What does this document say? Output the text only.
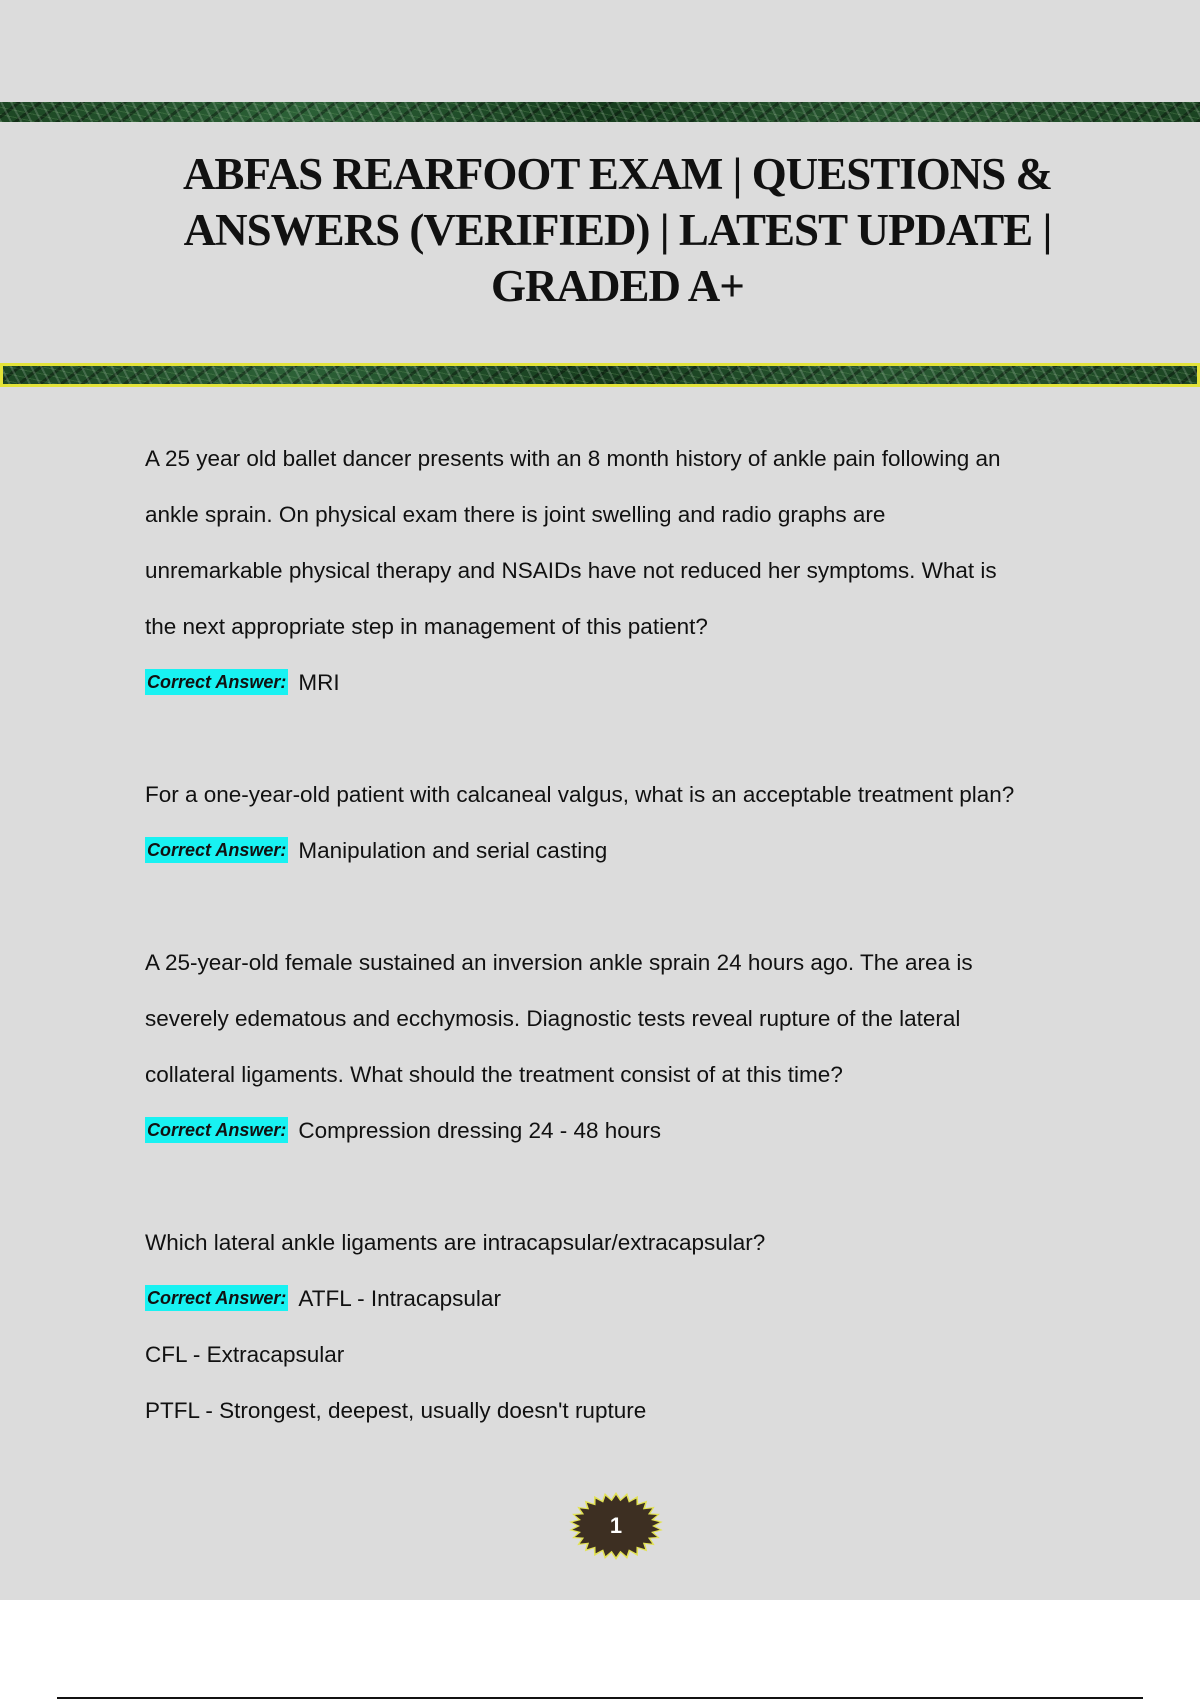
ABFAS REARFOOT EXAM | QUESTIONS & ANSWERS (VERIFIED) | LATEST UPDATE | GRADED A+
A 25 year old ballet dancer presents with an 8 month history of ankle pain following an
ankle sprain. On physical exam there is joint swelling and radio graphs are
unremarkable physical therapy and NSAIDs have not reduced her symptoms. What is
the next appropriate step in management of this patient?
Correct Answer: MRI
For a one-year-old patient with calcaneal valgus, what is an acceptable treatment plan?
Correct Answer: Manipulation and serial casting
A 25-year-old female sustained an inversion ankle sprain 24 hours ago. The area is
severely edematous and ecchymosis. Diagnostic tests reveal rupture of the lateral
collateral ligaments. What should the treatment consist of at this time?
Correct Answer: Compression dressing 24 - 48 hours
Which lateral ankle ligaments are intracapsular/extracapsular?
Correct Answer: ATFL - Intracapsular
CFL - Extracapsular
PTFL - Strongest, deepest, usually doesn't rupture
1
